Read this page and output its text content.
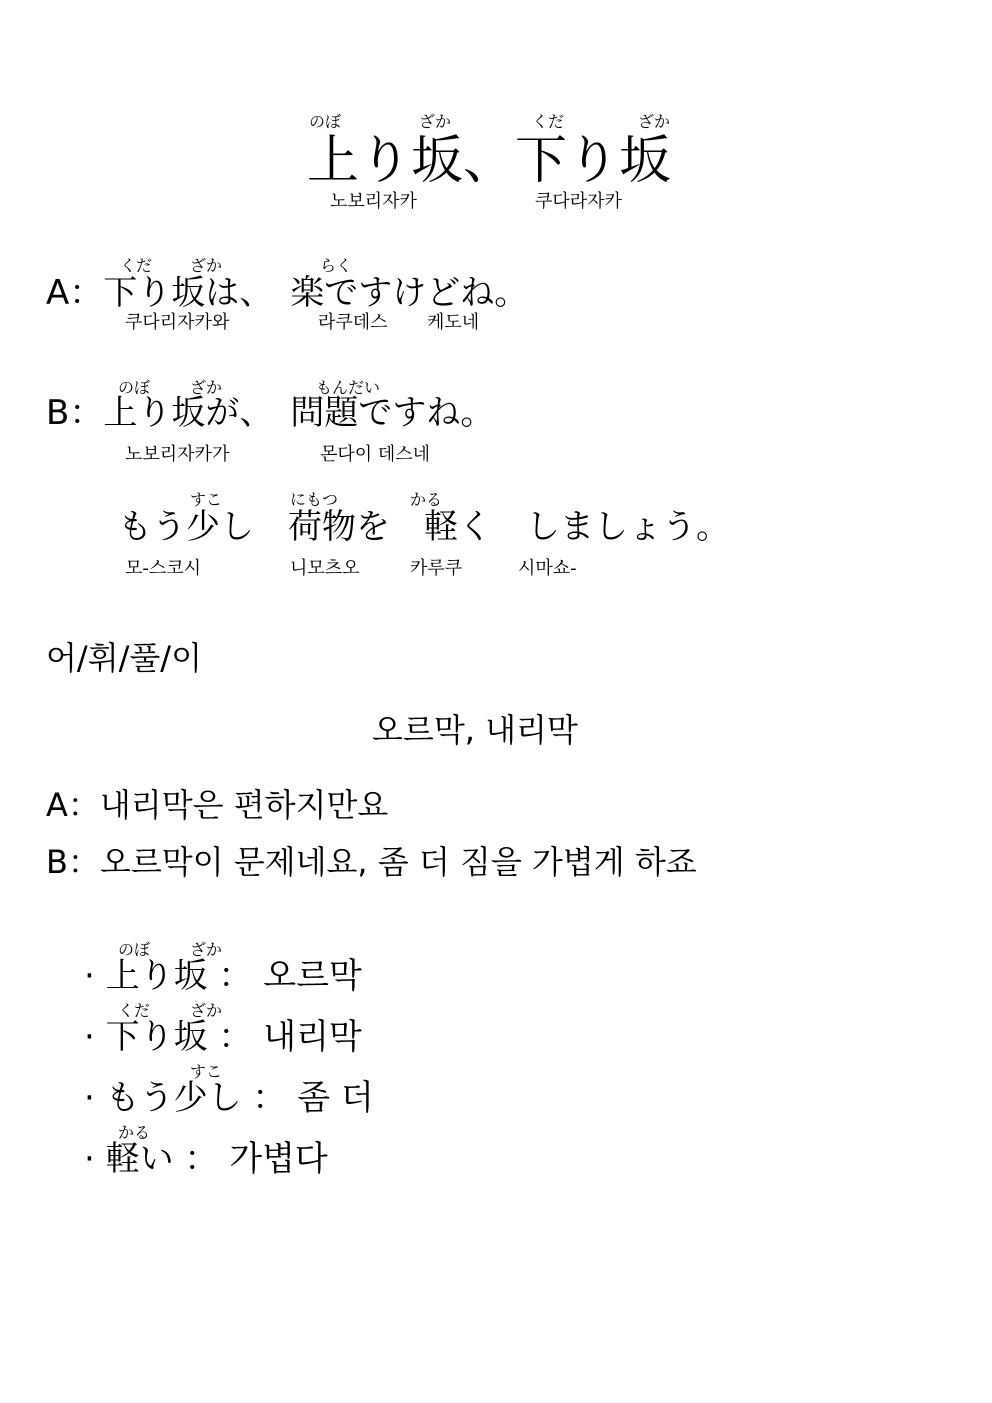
のぼ	ざか	くだ	ざか
上り坂、下り坂
노보리자카	쿠다라자카
くだ ざか	らく
A：下り坂は、　楽ですけどね。
쿠다리자카와	라쿠데스 케도네
のぼ ざか	もんだい
B：上り坂が、　問題ですね。
노보리자카가	몬다이 데스네
すこ	にもつ	かる
もう少し　荷物を　軽く　しましょう。
모-스코시	니모츠오	카루쿠	시마쇼-
어/휘/풀/이
오르막, 내리막
A：내리막은 편하지만요
B：오르막이 문제네요, 좀 더 짐을 가볍게 하죠
のぼ ざか
· 上り坂 ： 오르막
くだ ざか
· 下り坂 ： 내리막
すこ
· もう少し ： 좀 더
かる
· 軽い ： 가볍다
